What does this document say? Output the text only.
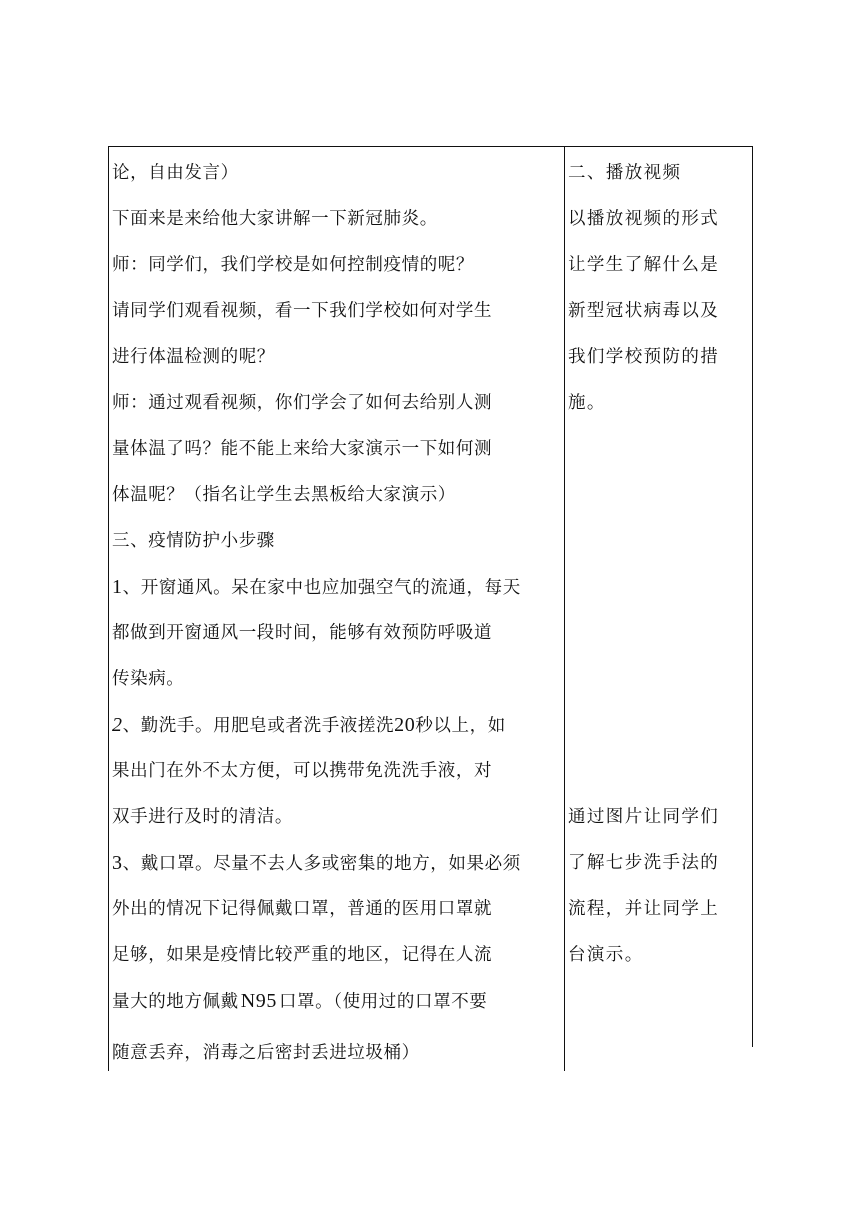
论，自由发言）
下面来是来给他大家讲解一下新冠肺炎。
师：同学们，我们学校是如何控制疫情的呢？
请同学们观看视频，看一下我们学校如何对学生
进行体温检测的呢？
师：通过观看视频，你们学会了如何去给别人测
量体温了吗？能不能上来给大家演示一下如何测
体温呢？（指名让学生去黑板给大家演示）
三、疫情防护小步骤
1、开窗通风。呆在家中也应加强空气的流通，每天
都做到开窗通风一段时间，能够有效预防呼吸道
传染病。
2、勤洗手。用肥皂或者洗手液搓洗20秒以上，如
果出门在外不太方便，可以携带免洗洗手液，对
双手进行及时的清洁。
3、戴口罩。尽量不去人多或密集的地方，如果必须
外出的情况下记得佩戴口罩，普通的医用口罩就
足够，如果是疫情比较严重的地区，记得在人流
量大的地方佩戴 N95 口罩。（使用过的口罩不要
随意丢弃，消毒之后密封丢进垃圾桶）
二、播放视频
以播放视频的形式
让学生了解什么是
新型冠状病毒以及
我们学校预防的措
施。
通过图片让同学们
了解七步洗手法的
流程，并让同学上
台演示。
